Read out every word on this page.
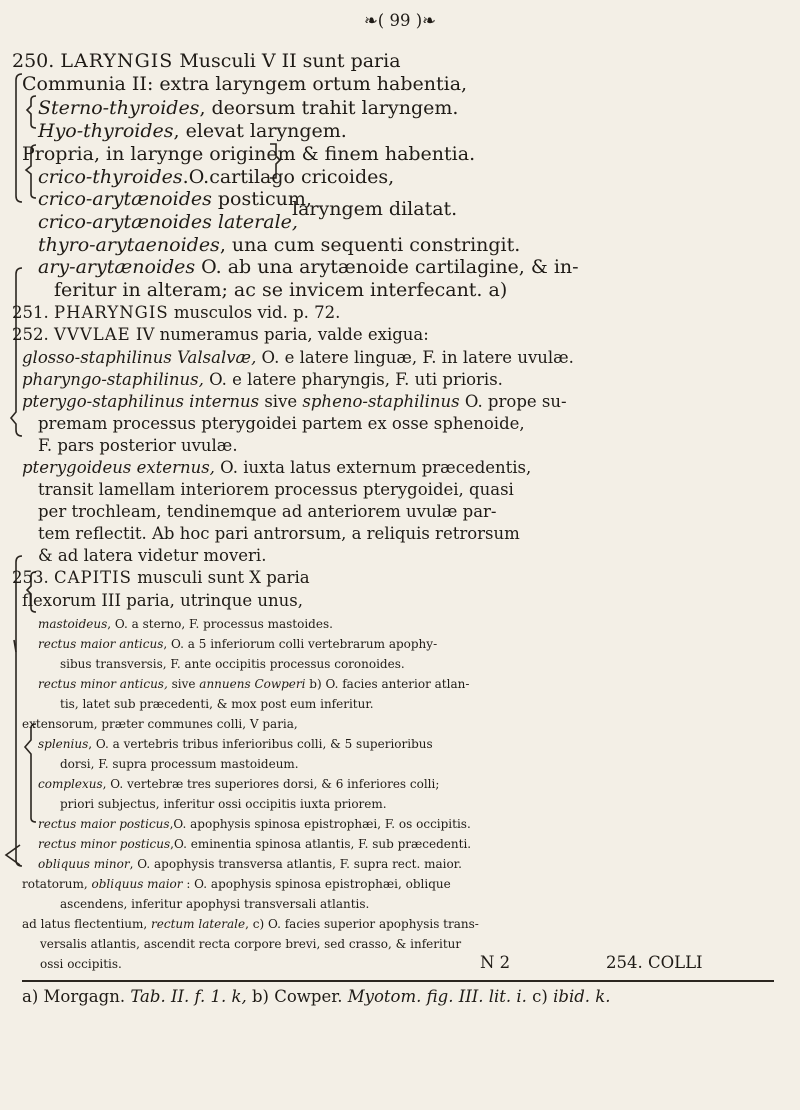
❧( 99 )❧
250. LARYNGIS Musculi V II sunt paria
Communia II: extra laryngem ortum habentia,
Sterno-thyroides, deorsum trahit laryngem.
Hyo-thyroides, elevat laryngem.
Propria, in larynge originem & finem habentia.
crico-thyroides.O.cartilago cricoides,
crico-arytænoides posticum,
laryngem dilatat.
crico-arytænoides laterale,
thyro-arytaenoides, una cum sequenti constringit.
ary-arytænoides O. ab una arytænoide cartilagine, & in-
feritur in alteram; ac se invicem interfecant. a)
251. PHARYNGIS musculos vid. p. 72.
252. VVVLAE IV numeramus paria, valde exigua:
glosso-staphilinus Valsalvæ, O. e latere linguæ, F. in latere uvulæ.
pharyngo-staphilinus, O. e latere pharyngis, F. uti prioris.
pterygo-staphilinus internus sive spheno-staphilinus O. prope su-
premam processus pterygoidei partem ex osse sphenoide,
F. pars posterior uvulæ.
pterygoideus externus, O. iuxta latus externum præcedentis,
transit lamellam interiorem processus pterygoidei, quasi
per trochleam, tendinemque ad anteriorem uvulæ par-
tem reflectit. Ab hoc pari antrorsum, a reliquis retrorsum
& ad latera videtur moveri.
253. CAPITIS musculi sunt X paria
flexorum III paria, utrinque unus,
mastoideus, O. a sterno, F. processus mastoides.
rectus maior anticus, O. a 5 inferiorum colli vertebrarum apophy-
sibus transversis, F. ante occipitis processus coronoides.
rectus minor anticus, sive annuens Cowperi b) O. facies anterior atlan-
tis, latet sub præcedenti, & mox post eum inferitur.
extensorum, præter communes colli, V paria,
splenius, O. a vertebris tribus inferioribus colli, & 5 superioribus
dorsi, F. supra processum mastoideum.
complexus, O. vertebræ tres superiores dorsi, & 6 inferiores colli;
priori subjectus, inferitur ossi occipitis iuxta priorem.
rectus maior posticus,O. apophysis spinosa epistrophæi, F. os occipitis.
rectus minor posticus,O. eminentia spinosa atlantis, F. sub præcedenti.
obliquus minor, O. apophysis transversa atlantis, F. supra rect. maior.
rotatorum, obliquus maior : O. apophysis spinosa epistrophæi, oblique
ascendens, inferitur apophysi transversali atlantis.
ad latus flectentium, rectum laterale, c) O. facies superior apophysis trans-
versalis atlantis, ascendit recta corpore brevi, sed crasso, & inferitur
ossi occipitis.	N 2	254. COLLI
a) Morgagn. Tab. II. f. 1. k, b) Cowper. Myotom. fig. III. lit. i. c) ibid. k.
